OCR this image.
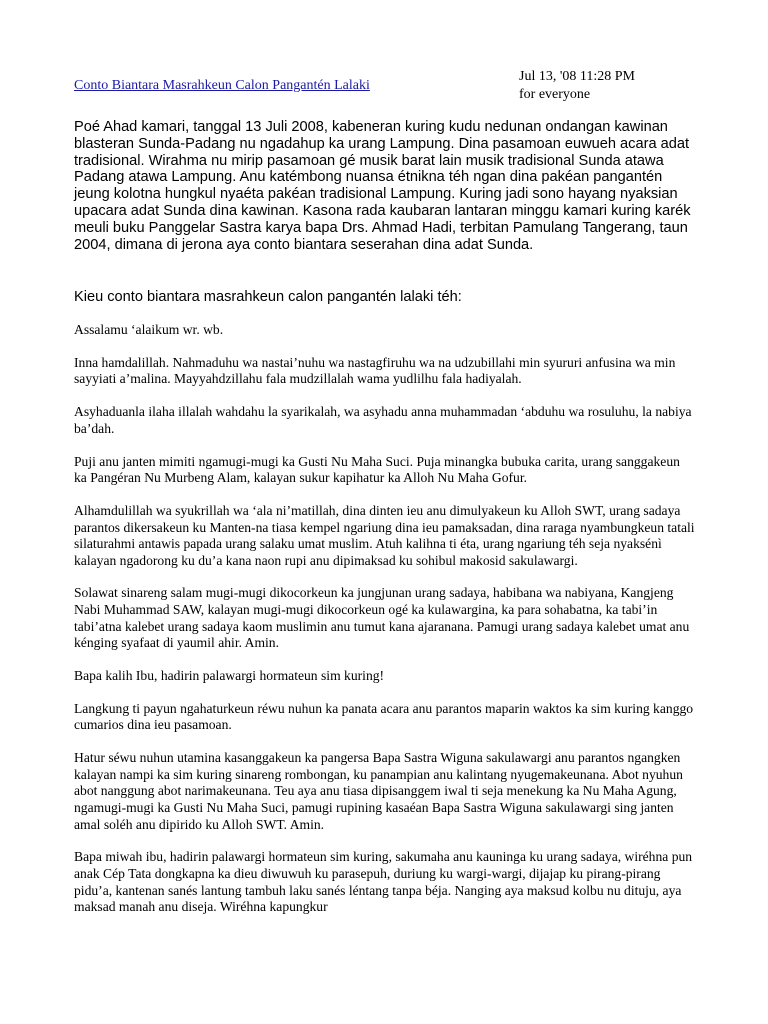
Conto Biantara Masrahkeun Calon Pangantén Lalaki
Jul 13, '08 11:28 PM
for everyone

Poé Ahad kamari, tanggal 13 Juli 2008, kabeneran kuring kudu nedunan ondangan kawinan blasteran Sunda-Padang nu ngadahup ka urang Lampung. Dina pasamoan euwueh acara adat tradisional. Wirahma nu mirip pasamoan gé musik barat lain musik tradisional Sunda atawa Padang atawa Lampung. Anu katémbong nuansa étnikna téh ngan dina pakéan pangantén jeung kolotna hungkul nyaéta pakéan tradisional Lampung. Kuring jadi sono hayang nyaksian upacara adat Sunda dina kawinan. Kasona rada kaubaran lantaran minggu kamari kuring karék meuli buku Panggelar Sastra karya bapa Drs. Ahmad Hadi, terbitan Pamulang Tangerang, taun 2004, dimana di jerona aya conto biantara seserahan dina adat Sunda.

Kieu conto biantara masrahkeun calon pangantén lalaki téh:

Assalamu ‘alaikum wr. wb.

Inna hamdalillah. Nahmaduhu wa nastai’nuhu wa nastagfiruhu wa na udzubillahi min syururi anfusina wa min sayyiati a’malina. Mayyahdzillahu fala mudzillalah wama yudlilhu fala hadiyalah.

Asyhaduanla ilaha illalah wahdahu la syarikalah, wa asyhadu anna muhammadan ‘abduhu wa rosuluhu, la nabiya ba’dah.

Puji anu janten mimiti ngamugi-mugi ka Gusti Nu Maha Suci. Puja minangka bubuka carita, urang sanggakeun ka Pangéran Nu Murbeng Alam, kalayan sukur kapihatur ka Alloh Nu Maha Gofur.

Alhamdulillah wa syukrillah wa ‘ala ni’matillah, dina dinten ieu anu dimulyakeun ku Alloh SWT, urang sadaya parantos dikersakeun ku Manten-na tiasa kempel ngariung dina ieu pamaksadan, dina raraga nyambungkeun tatali silaturahmi antawis papada urang salaku umat muslim. Atuh kalihna ti éta, urang ngariung téh seja nyaksénì kalayan ngadorong ku du’a kana naon rupi anu dipimaksad ku sohibul makosid sakulawargi.

Solawat sinareng salam mugi-mugi dikocorkeun ka jungjunan urang sadaya, habibana wa nabiyana, Kangjeng Nabi Muhammad SAW, kalayan mugi-mugi dikocorkeun ogé ka kulawargina, ka para sohabatna, ka tabi’in tabi’atna kalebet urang sadaya kaom muslimin anu tumut kana ajaranana. Pamugi urang sadaya kalebet umat anu kénging syafaat di yaumil ahir. Amin.

Bapa kalih Ibu, hadirin palawargi hormateun sim kuring!

Langkung ti payun ngahaturkeun réwu nuhun ka panata acara anu parantos maparin waktos ka sim kuring kanggo cumarios dina ieu pasamoan.

Hatur séwu nuhun utamina kasanggakeun ka pangersa Bapa Sastra Wiguna sakulawargi anu parantos ngangken kalayan nampi ka sim kuring sinareng rombongan, ku panampian anu kalintang nyugemakeunana. Abot nyuhun abot nanggung abot narimakeunana. Teu aya anu tiasa dipisanggem iwal ti seja menekung ka Nu Maha Agung, ngamugi-mugi ka Gusti Nu Maha Suci, pamugi rupining kasaéan Bapa Sastra Wiguna sakulawargi sing janten amal soléh anu dipirido ku Alloh SWT. Amin.

Bapa miwah ibu, hadirin palawargi hormateun sim kuring, sakumaha anu kauninga ku urang sadaya, wiréhna pun anak Cép Tata dongkapna ka dieu diwuwuh ku parasepuh, duriung ku wargi-wargi, dijajap ku pirang-pirang pidu’a, kantenan sanés lantung tambuh laku sanés léntang tanpa béja. Nanging aya maksud kolbu nu dituju, aya maksad manah anu diseja. Wiréhna kapungkur
